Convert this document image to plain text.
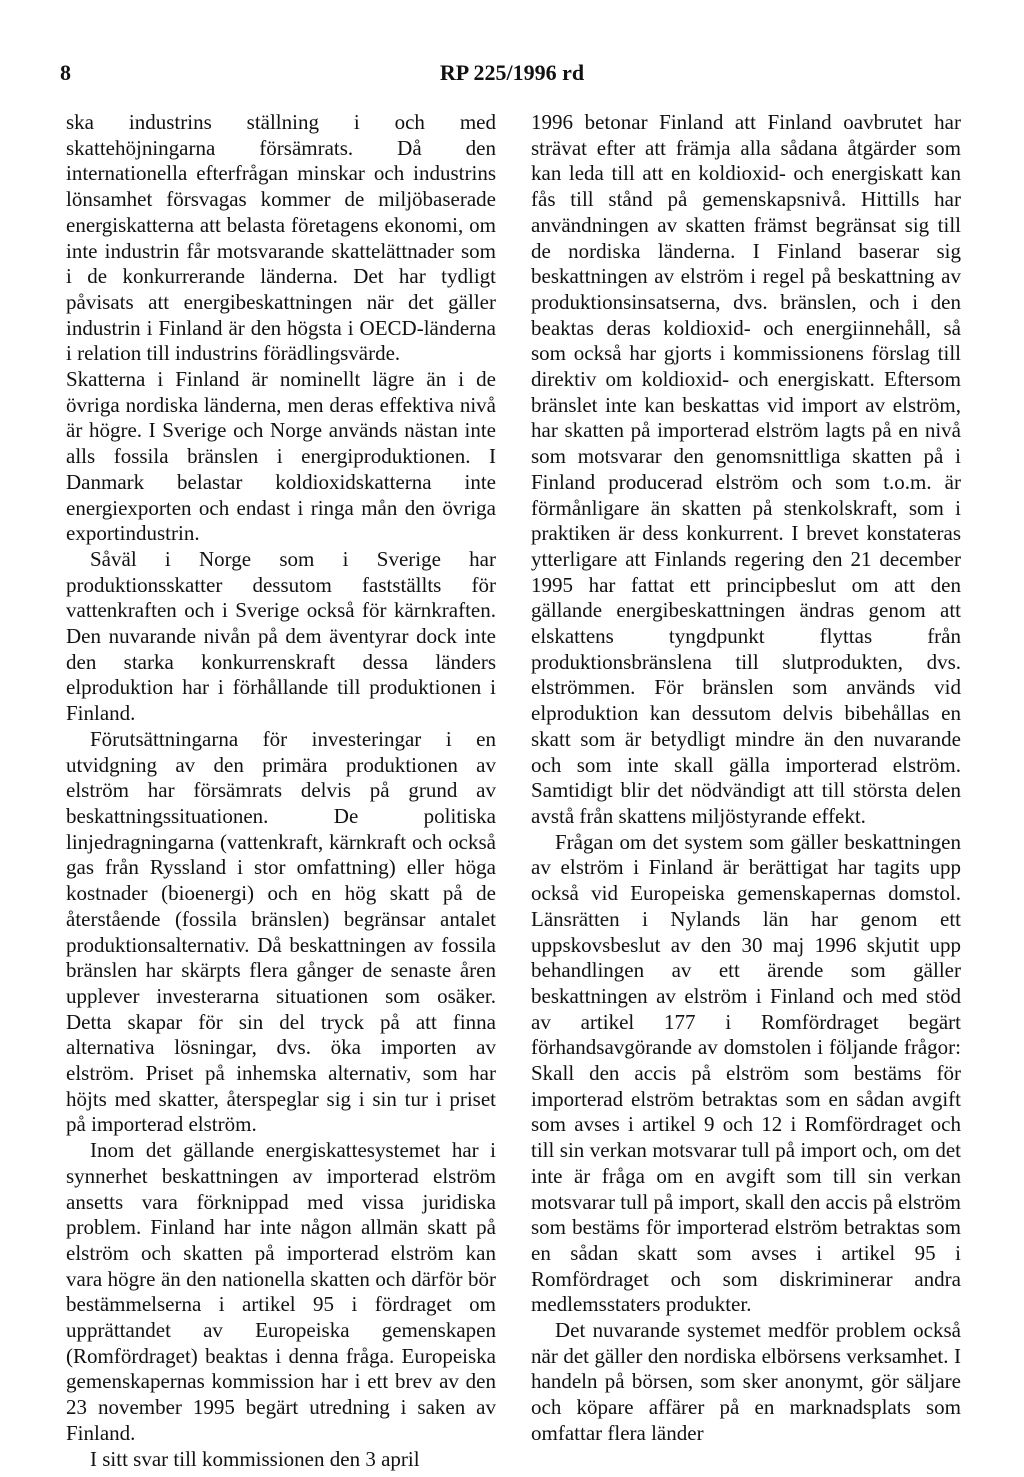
8	RP 225/1996 rd

ska industrins ställning i och med skattehöjningarna försämrats. Då den internationella efterfrågan minskar och industrins lönsamhet försvagas kommer de miljöbaserade energiskatterna att belasta företagens ekonomi, om inte industrin får motsvarande skattelättnader som i de konkurrerande länderna. Det har tydligt påvisats att energibeskattningen när det gäller industrin i Finland är den högsta i OECD-länderna i relation till industrins förädlingsvärde.

Skatterna i Finland är nominellt lägre än i de övriga nordiska länderna, men deras effektiva nivå är högre. I Sverige och Norge används nästan inte alls fossila bränslen i energiproduktionen. I Danmark belastar koldioxidskatterna inte energiexporten och endast i ringa mån den övriga exportindustrin.

Såväl i Norge som i Sverige har produktionsskatter dessutom fastställts för vattenkraften och i Sverige också för kärnkraften. Den nuvarande nivån på dem äventyrar dock inte den starka konkurrenskraft dessa länders elproduktion har i förhållande till produktionen i Finland.

Förutsättningarna för investeringar i en utvidgning av den primära produktionen av elström har försämrats delvis på grund av beskattningssituationen. De politiska linjedragningarna (vattenkraft, kärnkraft och också gas från Ryssland i stor omfattning) eller höga kostnader (bioenergi) och en hög skatt på de återstående (fossila bränslen) begränsar antalet produktionsalternativ. Då beskattningen av fossila bränslen har skärpts flera gånger de senaste åren upplever investerarna situationen som osäker. Detta skapar för sin del tryck på att finna alternativa lösningar, dvs. öka importen av elström. Priset på inhemska alternativ, som har höjts med skatter, återspeglar sig i sin tur i priset på importerad elström.

Inom det gällande energiskattesystemet har i synnerhet beskattningen av importerad elström ansetts vara förknippad med vissa juridiska problem. Finland har inte någon allmän skatt på elström och skatten på importerad elström kan vara högre än den nationella skatten och därför bör bestämmelserna i artikel 95 i fördraget om upprättandet av Europeiska gemenskapen (Romfördraget) beaktas i denna fråga. Europeiska gemenskapernas kommission har i ett brev av den 23 november 1995 begärt utredning i saken av Finland.

I sitt svar till kommissionen den 3 april

1996 betonar Finland att Finland oavbrutet har strävat efter att främja alla sådana åtgärder som kan leda till att en koldioxid- och energiskatt kan fås till stånd på gemenskapsnivå. Hittills har användningen av skatten främst begränsat sig till de nordiska länderna. I Finland baserar sig beskattningen av elström i regel på beskattning av produktionsinsatserna, dvs. bränslen, och i den beaktas deras koldioxid- och energiinnehåll, så som också har gjorts i kommissionens förslag till direktiv om koldioxid- och energiskatt. Eftersom bränslet inte kan beskattas vid import av elström, har skatten på importerad elström lagts på en nivå som motsvarar den genomsnittliga skatten på i Finland producerad elström och som t.o.m. är förmånligare än skatten på stenkolskraft, som i praktiken är dess konkurrent. I brevet konstateras ytterligare att Finlands regering den 21 december 1995 har fattat ett principbeslut om att den gällande energibeskattningen ändras genom att elskattens tyngdpunkt flyttas från produktionsbränslena till slutprodukten, dvs. elströmmen. För bränslen som används vid elproduktion kan dessutom delvis bibehållas en skatt som är betydligt mindre än den nuvarande och som inte skall gälla importerad elström. Samtidigt blir det nödvändigt att till största delen avstå från skattens miljöstyrande effekt.

Frågan om det system som gäller beskattningen av elström i Finland är berättigat har tagits upp också vid Europeiska gemenskapernas domstol. Länsrätten i Nylands län har genom ett uppskovsbeslut av den 30 maj 1996 skjutit upp behandlingen av ett ärende som gäller beskattningen av elström i Finland och med stöd av artikel 177 i Romfördraget begärt förhandsavgörande av domstolen i följande frågor: Skall den accis på elström som bestäms för importerad elström betraktas som en sådan avgift som avses i artikel 9 och 12 i Romfördraget och till sin verkan motsvarar tull på import och, om det inte är fråga om en avgift som till sin verkan motsvarar tull på import, skall den accis på elström som bestäms för importerad elström betraktas som en sådan skatt som avses i artikel 95 i Romfördraget och som diskriminerar andra medlemsstaters produkter.

Det nuvarande systemet medför problem också när det gäller den nordiska elbörsens verksamhet. I handeln på börsen, som sker anonymt, gör säljare och köpare affärer på en marknadsplats som omfattar flera länder
